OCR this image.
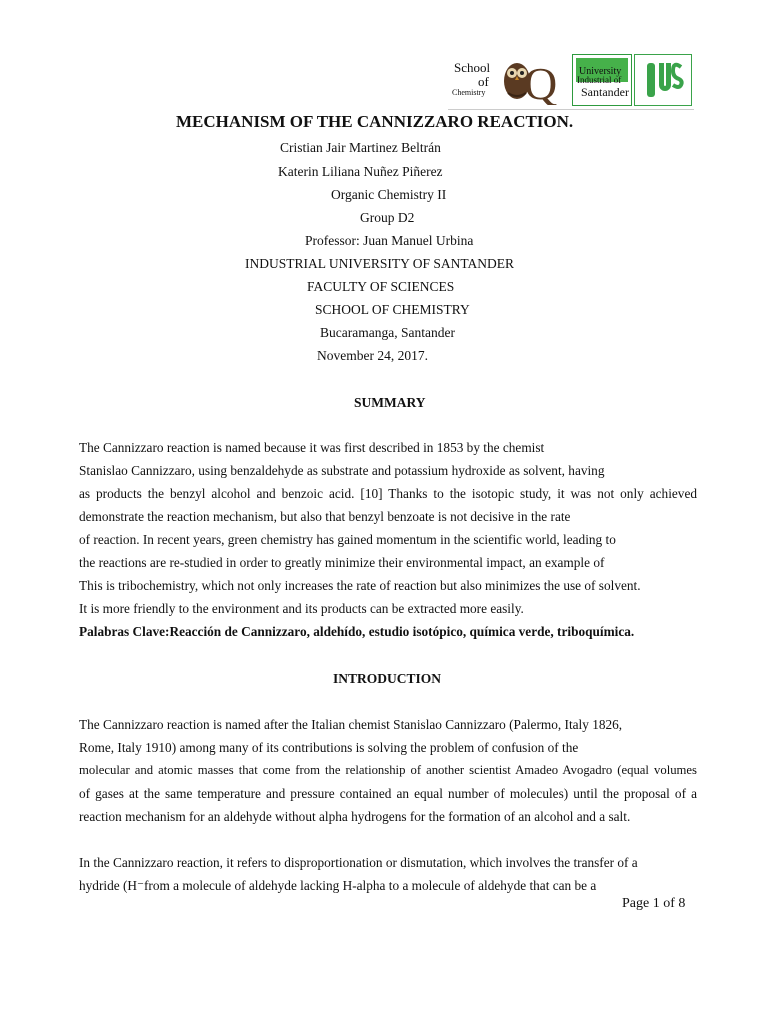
School
of
Chemistry Q University
Industrial of
Santander
MECHANISM OF THE CANNIZZARO REACTION.
Cristian Jair Martinez Beltrán
Katerin Liliana Nuñez Piñerez
Organic Chemistry II
Group D2
Professor: Juan Manuel Urbina
INDUSTRIAL UNIVERSITY OF SANTANDER
FACULTY OF SCIENCES
SCHOOL OF CHEMISTRY
Bucaramanga, Santander
November 24, 2017.
SUMMARY
The Cannizzaro reaction is named because it was first described in 1853 by the chemist
Stanislao Cannizzaro, using benzaldehyde as substrate and potassium hydroxide as solvent, having
as products the benzyl alcohol and benzoic acid. [10] Thanks to the isotopic study, it was not only achieved
demonstrate the reaction mechanism, but also that benzyl benzoate is not decisive in the rate
of reaction. In recent years, green chemistry has gained momentum in the scientific world, leading to
the reactions are re-studied in order to greatly minimize their environmental impact, an example of
This is tribochemistry, which not only increases the rate of reaction but also minimizes the use of solvent.
It is more friendly to the environment and its products can be extracted more easily.
Palabras Clave:Reacción de Cannizzaro, aldehído, estudio isotópico, química verde, triboquímica.
INTRODUCTION
The Cannizzaro reaction is named after the Italian chemist Stanislao Cannizzaro (Palermo, Italy 1826,
Rome, Italy 1910) among many of its contributions is solving the problem of confusion of the
molecular and atomic masses that come from the relationship of another scientist Amadeo Avogadro (equal volumes
of gases at the same temperature and pressure contained an equal number of molecules) until the proposal of a
reaction mechanism for an aldehyde without alpha hydrogens for the formation of an alcohol and a salt.
In the Cannizzaro reaction, it refers to disproportionation or dismutation, which involves the transfer of a
hydride (H⁻from a molecule of aldehyde lacking H-alpha to a molecule of aldehyde that can be a
Page 1 of 8
